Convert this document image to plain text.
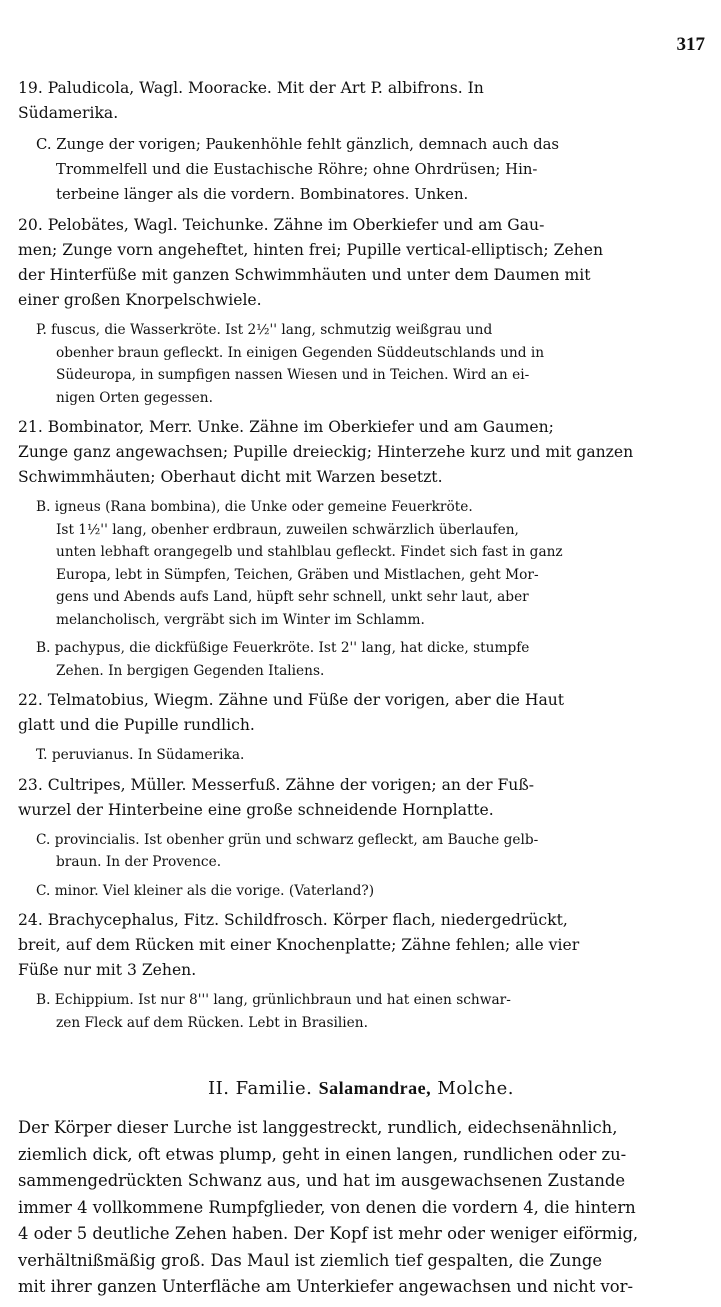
317
19. Paludicola, Wagl. Mooracke. Mit der Art P. albifrons. In
Südamerika.
C. Zunge der vorigen; Paukenhöhle fehlt gänzlich, demnach auch das
Trommelfell und die Eustachische Röhre; ohne Ohrdrüsen; Hin-
terbeine länger als die vordern. Bombinatores. Unken.
20. Pelobätes, Wagl. Teichunke. Zähne im Oberkiefer und am Gau-
men; Zunge vorn angeheftet, hinten frei; Pupille vertical-elliptisch; Zehen
der Hinterfüße mit ganzen Schwimmhäuten und unter dem Daumen mit
einer großen Knorpelschwiele.
P. fuscus, die Wasserkröte. Ist 2½'' lang, schmutzig weißgrau und
obenher braun gefleckt. In einigen Gegenden Süddeutschlands und in
Südeuropa, in sumpfigen nassen Wiesen und in Teichen. Wird an ei-
nigen Orten gegessen.
21. Bombinator, Merr. Unke. Zähne im Oberkiefer und am Gaumen;
Zunge ganz angewachsen; Pupille dreieckig; Hinterzehe kurz und mit ganzen
Schwimmhäuten; Oberhaut dicht mit Warzen besetzt.
B. igneus (Rana bombina), die Unke oder gemeine Feuerkröte.
Ist 1½'' lang, obenher erdbraun, zuweilen schwärzlich überlaufen,
unten lebhaft orangegelb und stahlblau gefleckt. Findet sich fast in ganz
Europa, lebt in Sümpfen, Teichen, Gräben und Mistlachen, geht Mor-
gens und Abends aufs Land, hüpft sehr schnell, unkt sehr laut, aber
melancholisch, vergräbt sich im Winter im Schlamm.
B. pachypus, die dickfüßige Feuerkröte. Ist 2'' lang, hat dicke, stumpfe
Zehen. In bergigen Gegenden Italiens.
22. Telmatobius, Wiegm. Zähne und Füße der vorigen, aber die Haut
glatt und die Pupille rundlich.
T. peruvianus. In Südamerika.
23. Cultripes, Müller. Messerfuß. Zähne der vorigen; an der Fuß-
wurzel der Hinterbeine eine große schneidende Hornplatte.
C. provincialis. Ist obenher grün und schwarz gefleckt, am Bauche gelb-
braun. In der Provence.
C. minor. Viel kleiner als die vorige. (Vaterland?)
24. Brachycephalus, Fitz. Schildfrosch. Körper flach, niedergedrückt,
breit, auf dem Rücken mit einer Knochenplatte; Zähne fehlen; alle vier
Füße nur mit 3 Zehen.
B. Echippium. Ist nur 8''' lang, grünlichbraun und hat einen schwar-
zen Fleck auf dem Rücken. Lebt in Brasilien.
II. Familie. Salamandrae, Molche.
Der Körper dieser Lurche ist langgestreckt, rundlich, eidechsenähnlich,
ziemlich dick, oft etwas plump, geht in einen langen, rundlichen oder zu-
sammengedrückten Schwanz aus, und hat im ausgewachsenen Zustande
immer 4 vollkommene Rumpfglieder, von denen die vordern 4, die hintern
4 oder 5 deutliche Zehen haben. Der Kopf ist mehr oder weniger eiförmig,
verhältnißmäßig groß. Das Maul ist ziemlich tief gespalten, die Zunge
mit ihrer ganzen Unterfläche am Unterkiefer angewachsen und nicht vor-
